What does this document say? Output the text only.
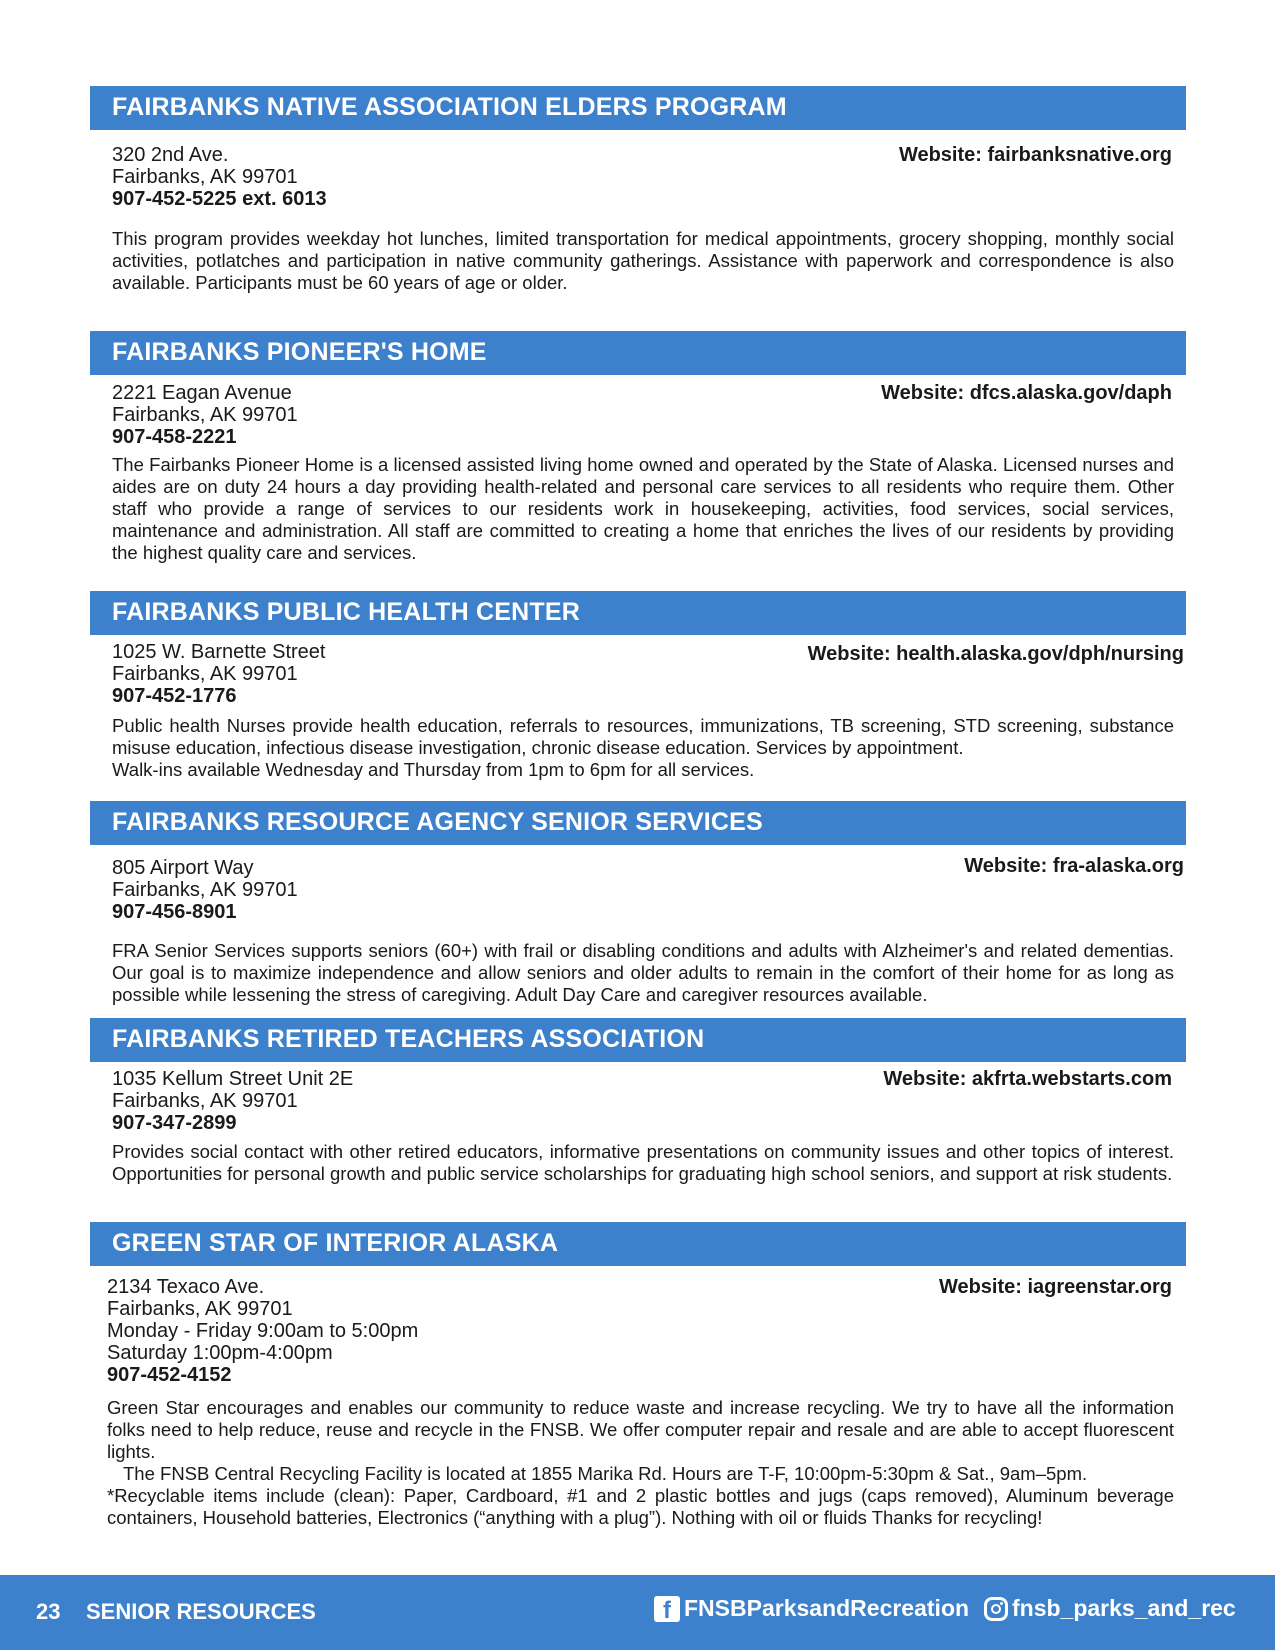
FAIRBANKS NATIVE ASSOCIATION ELDERS PROGRAM
320 2nd Ave.
Fairbanks, AK 99701
907-452-5225 ext. 6013
Website: fairbanksnative.org

This program provides weekday hot lunches, limited transportation for medical appointments, grocery shopping, monthly social activities, potlatches and participation in native community gatherings. Assistance with paperwork and correspondence is also available. Participants must be 60 years of age or older.

FAIRBANKS PIONEER'S HOME
2221 Eagan Avenue
Fairbanks, AK 99701
907-458-2221
Website: dfcs.alaska.gov/daph

The Fairbanks Pioneer Home is a licensed assisted living home owned and operated by the State of Alaska. Licensed nurses and aides are on duty 24 hours a day providing health-related and personal care services to all residents who require them. Other staff who provide a range of services to our residents work in housekeeping, activities, food services, social services, maintenance and administration. All staff are committed to creating a home that enriches the lives of our residents by providing the highest quality care and services.

FAIRBANKS PUBLIC HEALTH CENTER
1025 W. Barnette Street
Fairbanks, AK 99701
907-452-1776
Website: health.alaska.gov/dph/nursing

Public health Nurses provide health education, referrals to resources, immunizations, TB screening, STD screening, substance misuse education, infectious disease investigation, chronic disease education. Services by appointment.

Walk-ins available Wednesday and Thursday from 1pm to 6pm for all services.

FAIRBANKS RESOURCE AGENCY SENIOR SERVICES
805 Airport Way
Fairbanks, AK 99701
907-456-8901
Website: fra-alaska.org

FRA Senior Services supports seniors (60+) with frail or disabling conditions and adults with Alzheimer's and related dementias. Our goal is to maximize independence and allow seniors and older adults to remain in the comfort of their home for as long as possible while lessening the stress of caregiving. Adult Day Care and caregiver resources available.

FAIRBANKS RETIRED TEACHERS ASSOCIATION
1035 Kellum Street Unit 2E
Fairbanks, AK 99701
907-347-2899
Website: akfrta.webstarts.com

Provides social contact with other retired educators, informative presentations on community issues and other topics of interest. Opportunities for personal growth and public service scholarships for graduating high school seniors, and support at risk students.

GREEN STAR OF INTERIOR ALASKA
2134 Texaco Ave.
Fairbanks, AK 99701
Monday - Friday 9:00am to 5:00pm
Saturday 1:00pm-4:00pm
907-452-4152
Website: iagreenstar.org

Green Star encourages and enables our community to reduce waste and increase recycling. We try to have all the information folks need to help reduce, reuse and recycle in the FNSB. We offer computer repair and resale and are able to accept fluorescent lights.

The FNSB Central Recycling Facility is located at 1855 Marika Rd. Hours are T-F, 10:00pm-5:30pm & Sat., 9am–5pm.

*Recyclable items include (clean): Paper, Cardboard, #1 and 2 plastic bottles and jugs (caps removed), Aluminum beverage containers, Household batteries, Electronics (“anything with a plug”). Nothing with oil or fluids Thanks for recycling!

23 SENIOR RESOURCES	f FNSBParksandRecreation fnsb_parks_and_rec
